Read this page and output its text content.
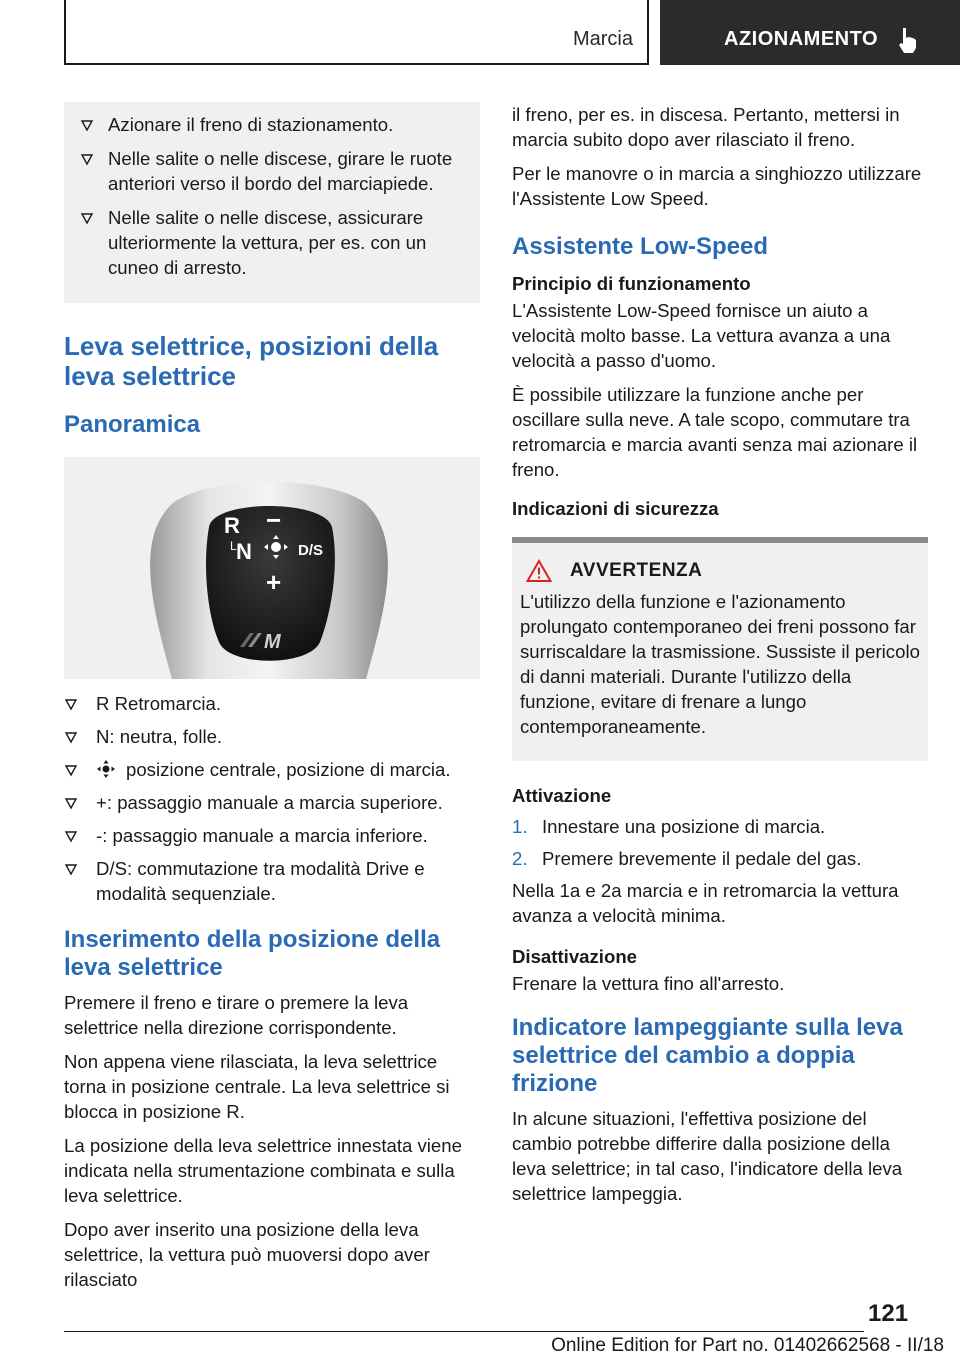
Marcia	AZIONAMENTO
Azionare il freno di stazionamento.
Nelle salite o nelle discese, girare le ruote anteriori verso il bordo del marciapiede.
Nelle salite o nelle discese, assicurare ulteriormente la vettura, per es. con un cuneo di arresto.
Leva selettrice, posizioni della leva selettrice
Panoramica
R −
L N	D/S
+
M
R Retromarcia.
N: neutra, folle.
posizione centrale, posizione di marcia.
+: passaggio manuale a marcia superiore.
-: passaggio manuale a marcia inferiore.
D/S: commutazione tra modalità Drive e modalità sequenziale.
Inserimento della posizione della leva selettrice

Premere il freno e tirare o premere la leva selettrice nella direzione corrispondente.

Non appena viene rilasciata, la leva selettrice torna in posizione centrale. La leva selettrice si blocca in posizione R.

La posizione della leva selettrice innestata viene indicata nella strumentazione combinata e sulla leva selettrice.

Dopo aver inserito una posizione della leva selettrice, la vettura può muoversi dopo aver rilasciato

il freno, per es. in discesa. Pertanto, mettersi in marcia subito dopo aver rilasciato il freno.

Per le manovre o in marcia a singhiozzo utilizzare l'Assistente Low Speed.

Assistente Low-Speed
Principio di funzionamento

L'Assistente Low-Speed fornisce un aiuto a velocità molto basse. La vettura avanza a una velocità a passo d'uomo.

È possibile utilizzare la funzione anche per oscillare sulla neve. A tale scopo, commutare tra retromarcia e marcia avanti senza mai azionare il freno.

Indicazioni di sicurezza
AVVERTENZA

L'utilizzo della funzione e l'azionamento prolungato contemporaneo dei freni possono far surriscaldare la trasmissione. Sussiste il pericolo di danni materiali. Durante l'utilizzo della funzione, evitare di frenare a lungo contemporaneamente.

Attivazione
1. Innestare una posizione di marcia.
2. Premere brevemente il pedale del gas.

Nella 1a e 2a marcia e in retromarcia la vettura avanza a velocità minima.

Disattivazione

Frenare la vettura fino all'arresto.

Indicatore lampeggiante sulla leva selettrice del cambio a doppia frizione

In alcune situazioni, l'effettiva posizione del cambio potrebbe differire dalla posizione della leva selettrice; in tal caso, l'indicatore della leva selettrice lampeggia.

121
Online Edition for Part no. 01402662568 - II/18
